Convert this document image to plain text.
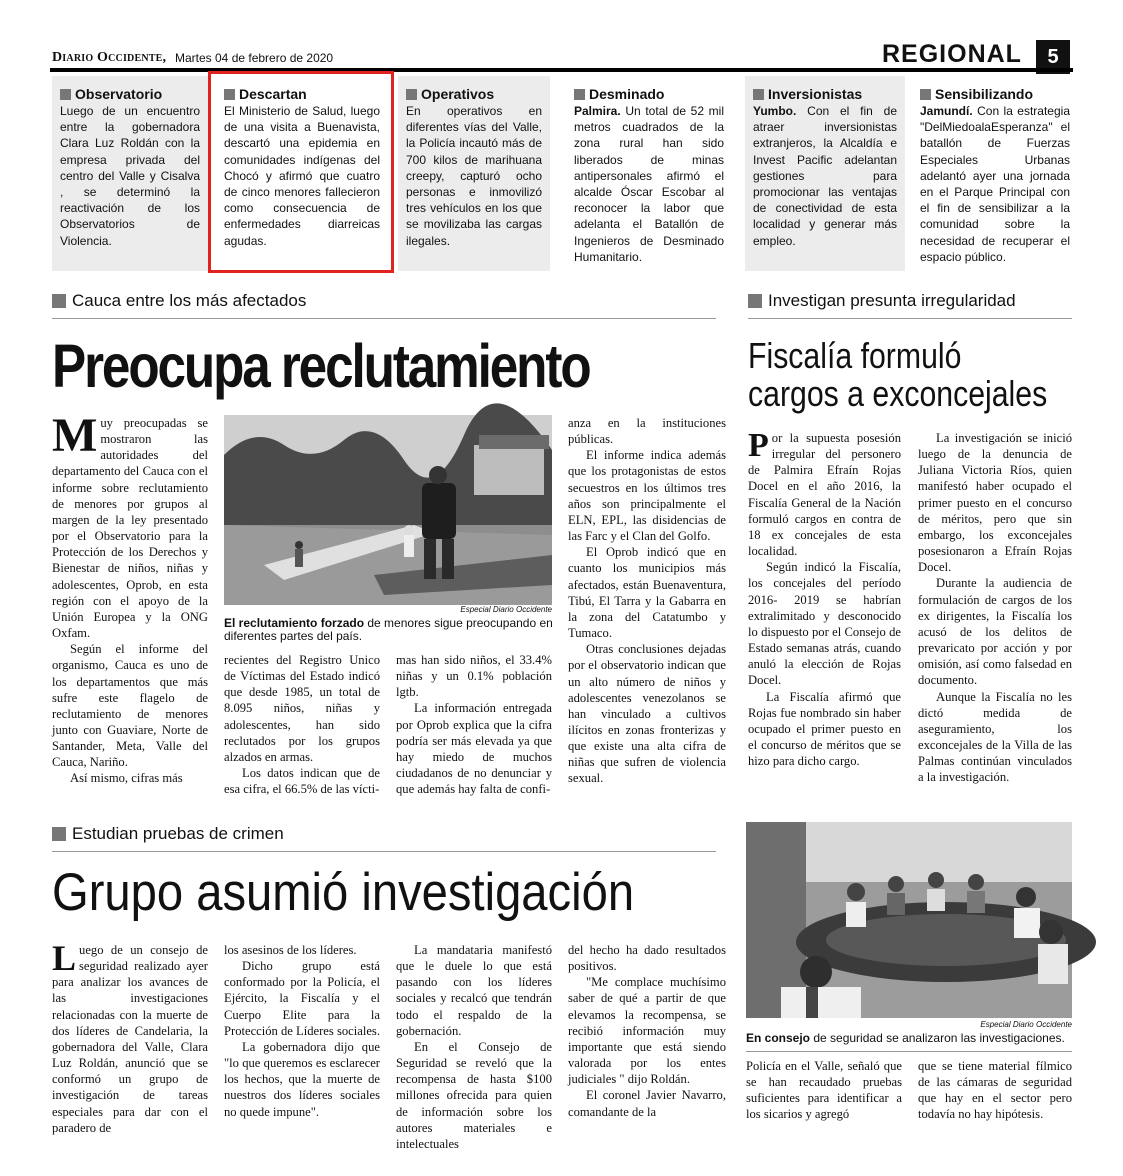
Diario Occidente, Martes 04 de febrero de 2020	REGIONAL	5
Observatorio

Luego de un encuentro entre la gobernadora Clara Luz Roldán con la empresa privada del centro del Valle y Cisalva , se determinó la reactivación de los Observatorios de Violencia.

Descartan

El Ministerio de Salud, luego de una visita a Buenavista, descartó una epidemia en comunidades indígenas del Chocó y afirmó que cuatro de cinco menores fallecieron como consecuencia de enfermedades diarreicas agudas.

Operativos

En operativos en diferentes vías del Valle, la Policía incautó más de 700 kilos de marihuana creepy, capturó ocho personas e inmovilizó tres vehículos en los que se movilizaba las cargas ilegales.

Desminado

Palmira. Un total de 52 mil metros cuadrados de la zona rural han sido liberados de minas antipersonales afirmó el alcalde Óscar Escobar al reconocer la labor que adelanta el Batallón de Ingenieros de Desminado Humanitario.

Inversionistas

Yumbo. Con el fin de atraer inversionistas extranjeros, la Alcaldía e Invest Pacific adelantan gestiones para promocionar las ventajas de conectividad de esta localidad y generar más empleo.

Sensibilizando

Jamundí. Con la estrategia "DelMiedoalaEsperanza" el batallón de Fuerzas Especiales Urbanas adelantó ayer una jornada en el Parque Principal con el fin de sensibilizar a la comunidad sobre la necesidad de recuperar el espacio público.

Cauca entre los más afectados
Preocupa reclutamiento

Muy preocupadas se mostraron las autoridades del departamento del Cauca con el informe sobre reclutamiento de menores por grupos al margen de la ley presentado por el Observatorio para la Protección de los Derechos y Bienestar de niños, niñas y adolescentes, Oprob, en esta región con el apoyo de la Unión Europea y la ONG Oxfam.

Según el informe del organismo, Cauca es uno de los departamentos que más sufre este flagelo de reclutamiento de menores junto con Guaviare, Norte de Santander, Meta, Valle del Cauca, Nariño.

Así mismo, cifras más

Especial Diario Occidente
El reclutamiento forzado de menores sigue preocupando en diferentes partes del país.

recientes del Registro Unico de Víctimas del Estado indicó que desde 1985, un total de 8.095 niños, niñas y adolescentes, han sido reclutados por los grupos alzados en armas.

Los datos indican que de esa cifra, el 66.5% de las vícti-

mas han sido niños, el 33.4% niñas y un 0.1% población lgtb.

La información entregada por Oprob explica que la cifra podría ser más elevada ya que hay miedo de muchos ciudadanos de no denunciar y que además hay falta de confi-

anza en la instituciones públicas.

El informe indica además que los protagonistas de estos secuestros en los últimos tres años son principalmente el ELN, EPL, las disidencias de las Farc y el Clan del Golfo.

El Oprob indicó que en cuanto los municipios más afectados, están Buenaventura, Tibú, El Tarra y la Gabarra en la zona del Catatumbo y Tumaco.

Otras conclusiones dejadas por el observatorio indican que un alto número de niños y adolescentes venezolanos se han vinculado a cultivos ilícitos en zonas fronterizas y que existe una alta cifra de niñas que sufren de violencia sexual.

Investigan presunta irregularidad
Fiscalía formuló
cargos a exconcejales

Por la supuesta posesión irregular del personero de Palmira Efraín Rojas Docel en el año 2016, la Fiscalía General de la Nación formuló cargos en contra de 18 ex concejales de esta localidad.

Según indicó la Fiscalía, los concejales del período 2016- 2019 se habrían extralimitado y desconocido lo dispuesto por el Consejo de Estado semanas atrás, cuando anuló la elección de Rojas Docel.

La Fiscalía afirmó que Rojas fue nombrado sin haber ocupado el primer puesto en el concurso de méritos que se hizo para dicho cargo.

La investigación se inició luego de la denuncia de Juliana Victoria Ríos, quien manifestó haber ocupado el primer puesto en el concurso de méritos, pero que sin embargo, los exconcejales posesionaron a Efraín Rojas Docel.

Durante la audiencia de formulación de cargos de los ex dirigentes, la Fiscalía los acusó de los delitos de prevaricato por acción y por omisión, así como falsedad en documento.

Aunque la Fiscalía no les dictó medida de aseguramiento, los exconcejales de la Villa de las Palmas continúan vinculados a la investigación.

Estudian pruebas de crimen
Grupo asumió investigación

Luego de un consejo de seguridad realizado ayer para analizar los avances de las investigaciones relacionadas con la muerte de dos líderes de Candelaria, la gobernadora del Valle, Clara Luz Roldán, anunció que se conformó un grupo de investigación de tareas especiales para dar con el paradero de

los asesinos de los líderes.

Dicho grupo está conformado por la Policía, el Ejército, la Fiscalía y el Cuerpo Elite para la Protección de Líderes sociales.

La gobernadora dijo que "lo que queremos es esclarecer los hechos, que la muerte de nuestros dos líderes sociales no quede impune".

La mandataria manifestó que le duele lo que está pasando con los líderes sociales y recalcó que tendrán todo el respaldo de la gobernación.

En el Consejo de Seguridad se reveló que la recompensa de hasta $100 millones ofrecida para quien de información sobre los autores materiales e intelectuales

del hecho ha dado resultados positivos.

"Me complace muchísimo saber de qué a partir de que elevamos la recompensa, se recibió información muy importante que está siendo valorada por los entes judiciales " dijo Roldán.

El coronel Javier Navarro, comandante de la

Especial Diario Occidente
En consejo de seguridad se analizaron las investigaciones.

Policía en el Valle, señaló que se han recaudado pruebas suficientes para identificar a los sicarios y agregó

que se tiene material fílmico de las cámaras de seguridad que hay en el sector pero todavía no hay hipótesis.
